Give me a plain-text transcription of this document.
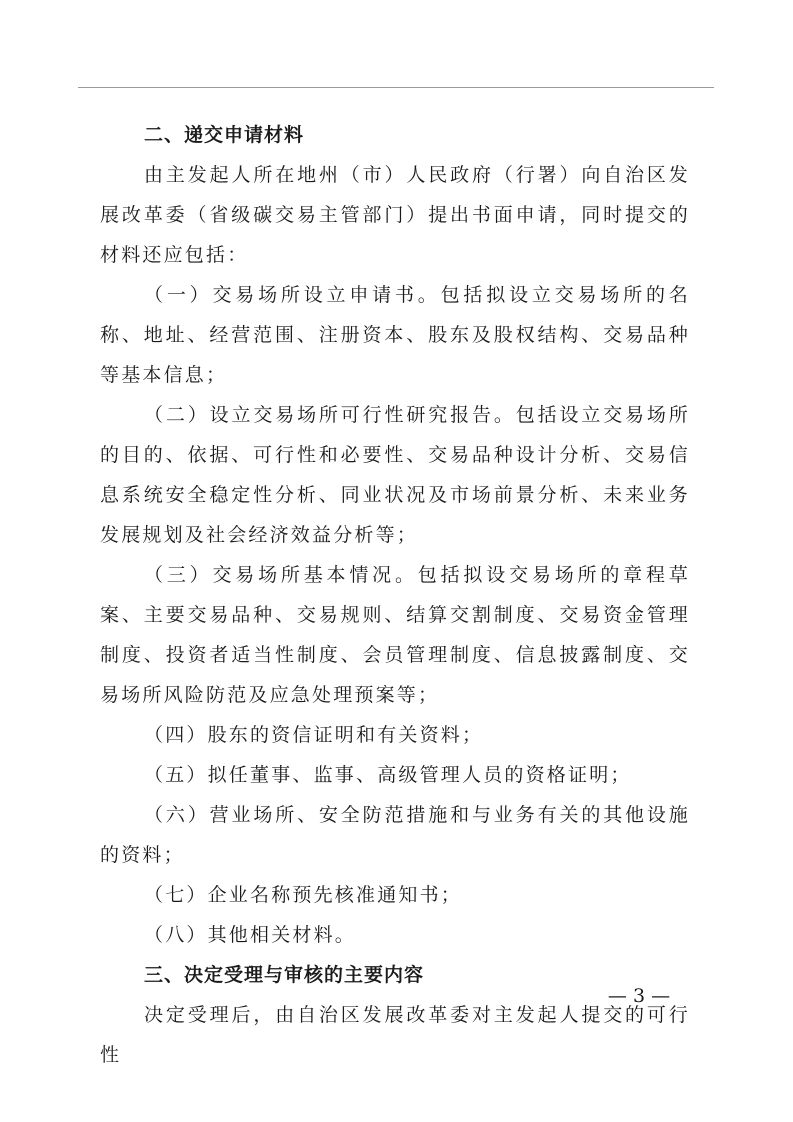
二、递交申请材料

由主发起人所在地州（市）人民政府（行署）向自治区发展改革委（省级碳交易主管部门）提出书面申请，同时提交的材料还应包括：

（一）交易场所设立申请书。包括拟设立交易场所的名称、地址、经营范围、注册资本、股东及股权结构、交易品种等基本信息；

（二）设立交易场所可行性研究报告。包括设立交易场所的目的、依据、可行性和必要性、交易品种设计分析、交易信息系统安全稳定性分析、同业状况及市场前景分析、未来业务发展规划及社会经济效益分析等；

（三）交易场所基本情况。包括拟设交易场所的章程草案、主要交易品种、交易规则、结算交割制度、交易资金管理制度、投资者适当性制度、会员管理制度、信息披露制度、交易场所风险防范及应急处理预案等；

（四）股东的资信证明和有关资料；

（五）拟任董事、监事、高级管理人员的资格证明；

（六）营业场所、安全防范措施和与业务有关的其他设施的资料；

（七）企业名称预先核准通知书；

（八）其他相关材料。

三、决定受理与审核的主要内容

决定受理后，由自治区发展改革委对主发起人提交的可行性

— 3 —
